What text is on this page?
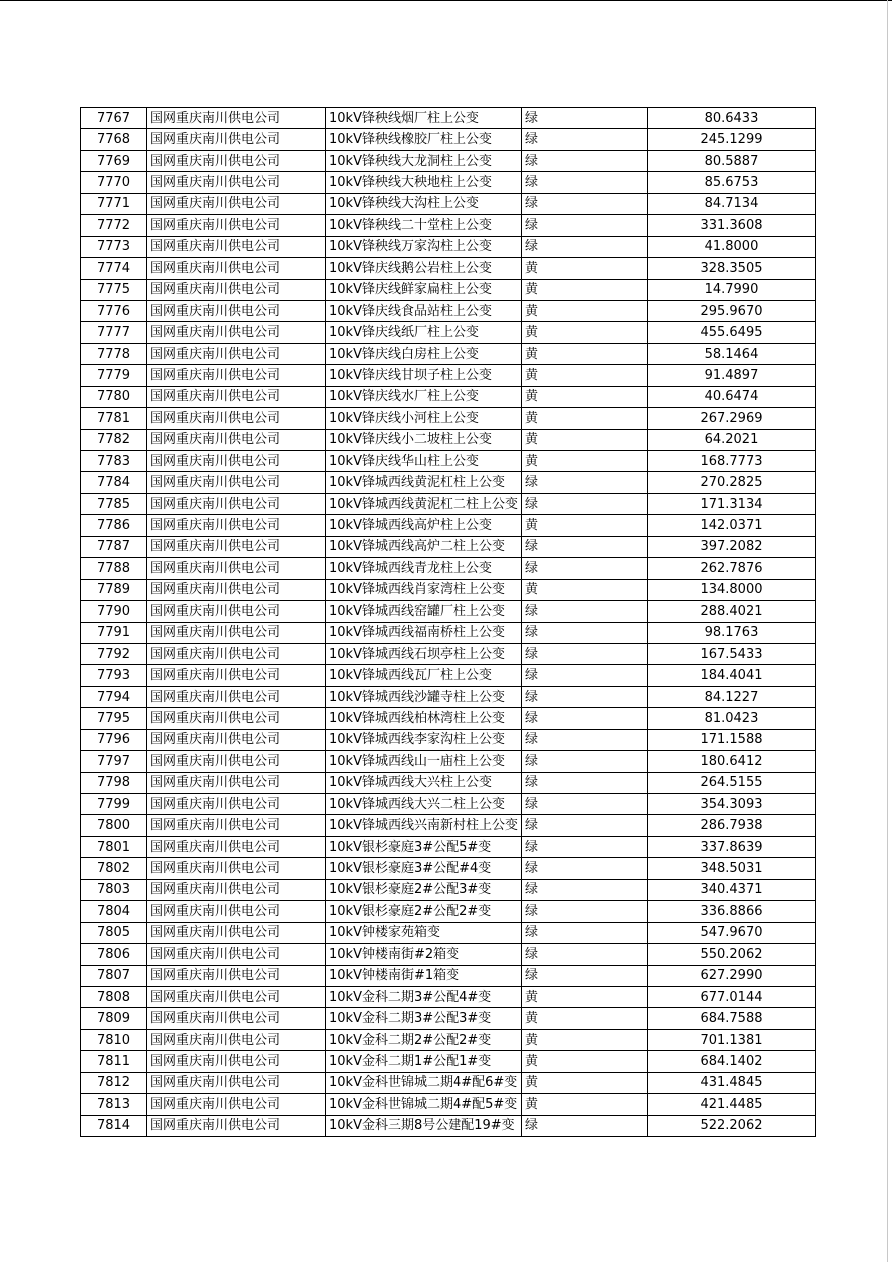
7767	国网重庆南川供电公司	10kV锋秧线烟厂柱上公变	绿	80.6433
7768	国网重庆南川供电公司	10kV锋秧线橡胶厂柱上公变	绿	245.1299
7769	国网重庆南川供电公司	10kV锋秧线大龙洞柱上公变	绿	80.5887
7770	国网重庆南川供电公司	10kV锋秧线大秧地柱上公变	绿	85.6753
7771	国网重庆南川供电公司	10kV锋秧线大沟柱上公变	绿	84.7134
7772	国网重庆南川供电公司	10kV锋秧线二十堂柱上公变	绿	331.3608
7773	国网重庆南川供电公司	10kV锋秧线万家沟柱上公变	绿	41.8000
7774	国网重庆南川供电公司	10kV锋庆线鹅公岩柱上公变	黄	328.3505
7775	国网重庆南川供电公司	10kV锋庆线鲜家扁柱上公变	黄	14.7990
7776	国网重庆南川供电公司	10kV锋庆线食品站柱上公变	黄	295.9670
7777	国网重庆南川供电公司	10kV锋庆线纸厂柱上公变	黄	455.6495
7778	国网重庆南川供电公司	10kV锋庆线白房柱上公变	黄	58.1464
7779	国网重庆南川供电公司	10kV锋庆线甘坝子柱上公变	黄	91.4897
7780	国网重庆南川供电公司	10kV锋庆线水厂柱上公变	黄	40.6474
7781	国网重庆南川供电公司	10kV锋庆线小河柱上公变	黄	267.2969
7782	国网重庆南川供电公司	10kV锋庆线小二坡柱上公变	黄	64.2021
7783	国网重庆南川供电公司	10kV锋庆线华山柱上公变	黄	168.7773
7784	国网重庆南川供电公司	10kV锋城西线黄泥杠柱上公变	绿	270.2825
7785	国网重庆南川供电公司	10kV锋城西线黄泥杠二柱上公变	绿	171.3134
7786	国网重庆南川供电公司	10kV锋城西线高炉柱上公变	黄	142.0371
7787	国网重庆南川供电公司	10kV锋城西线高炉二柱上公变	绿	397.2082
7788	国网重庆南川供电公司	10kV锋城西线青龙柱上公变	绿	262.7876
7789	国网重庆南川供电公司	10kV锋城西线肖家湾柱上公变	黄	134.8000
7790	国网重庆南川供电公司	10kV锋城西线窑罐厂柱上公变	绿	288.4021
7791	国网重庆南川供电公司	10kV锋城西线福南桥柱上公变	绿	98.1763
7792	国网重庆南川供电公司	10kV锋城西线石坝亭柱上公变	绿	167.5433
7793	国网重庆南川供电公司	10kV锋城西线瓦厂柱上公变	绿	184.4041
7794	国网重庆南川供电公司	10kV锋城西线沙罐寺柱上公变	绿	84.1227
7795	国网重庆南川供电公司	10kV锋城西线柏林湾柱上公变	绿	81.0423
7796	国网重庆南川供电公司	10kV锋城西线李家沟柱上公变	绿	171.1588
7797	国网重庆南川供电公司	10kV锋城西线山一庙柱上公变	绿	180.6412
7798	国网重庆南川供电公司	10kV锋城西线大兴柱上公变	绿	264.5155
7799	国网重庆南川供电公司	10kV锋城西线大兴二柱上公变	绿	354.3093
7800	国网重庆南川供电公司	10kV锋城西线兴南新村柱上公变	绿	286.7938
7801	国网重庆南川供电公司	10kV银杉豪庭3#公配5#变	绿	337.8639
7802	国网重庆南川供电公司	10kV银杉豪庭3#公配#4变	绿	348.5031
7803	国网重庆南川供电公司	10kV银杉豪庭2#公配3#变	绿	340.4371
7804	国网重庆南川供电公司	10kV银杉豪庭2#公配2#变	绿	336.8866
7805	国网重庆南川供电公司	10kV钟楼家苑箱变	绿	547.9670
7806	国网重庆南川供电公司	10kV钟楼南街#2箱变	绿	550.2062
7807	国网重庆南川供电公司	10kV钟楼南街#1箱变	绿	627.2990
7808	国网重庆南川供电公司	10kV金科二期3#公配4#变	黄	677.0144
7809	国网重庆南川供电公司	10kV金科二期3#公配3#变	黄	684.7588
7810	国网重庆南川供电公司	10kV金科二期2#公配2#变	黄	701.1381
7811	国网重庆南川供电公司	10kV金科二期1#公配1#变	黄	684.1402
7812	国网重庆南川供电公司	10kV金科世锦城二期4#配6#变	黄	431.4845
7813	国网重庆南川供电公司	10kV金科世锦城二期4#配5#变	黄	421.4485
7814	国网重庆南川供电公司	10kV金科三期8号公建配19#变	绿	522.2062
